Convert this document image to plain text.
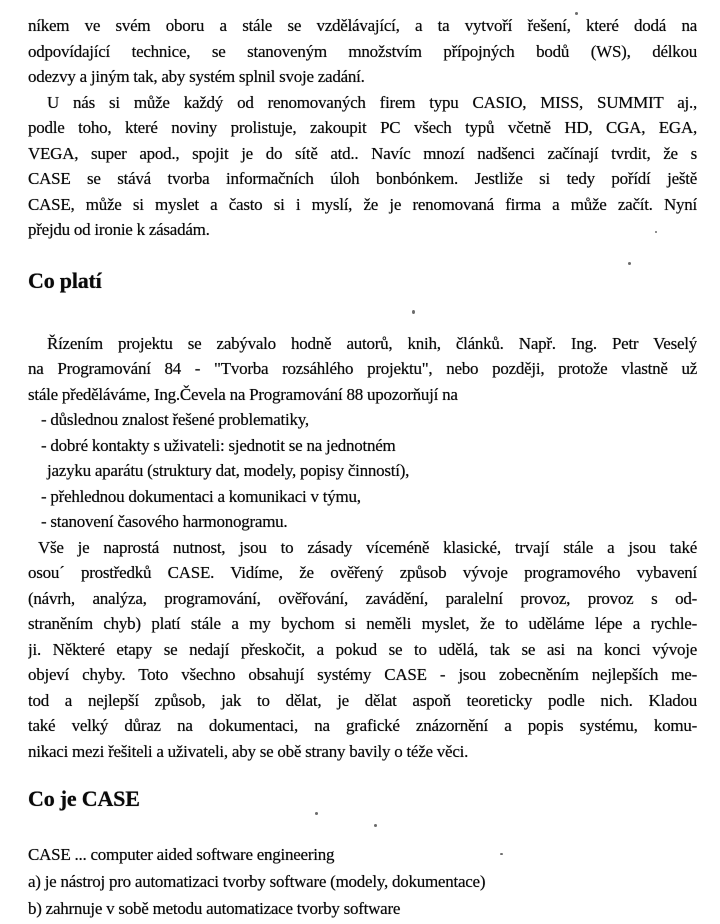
níkem ve svém oboru a stále se vzdělávající, a ta vytvoří řešení, které dodá na
odpovídající technice, se stanoveným množstvím přípojných bodů (WS), délkou
odezvy a jiným tak, aby systém splnil svoje zadání.
U nás si může každý od renomovaných firem typu CASIO, MISS, SUMMIT aj.,
podle toho, které noviny prolistuje, zakoupit PC všech typů včetně HD, CGA, EGA,
VEGA, super apod., spojit je do sítě atd.. Navíc mnozí nadšenci začínají tvrdit, že s
CASE se stává tvorba informačních úloh bonbónkem. Jestliže si tedy pořídí ještě
CASE, může si myslet a často si i myslí, že je renomovaná firma a může začít. Nyní
přejdu od ironie k zásadám.
Co platí
Řízením projektu se zabývalo hodně autorů, knih, článků. Např. Ing. Petr Veselý
na Programování 84 - "Tvorba rozsáhlého projektu", nebo později, protože vlastně už
stále předěláváme, Ing.Čevela na Programování 88 upozorňují na
- důslednou znalost řešené problematiky,
- dobré kontakty s uživateli: sjednotit se na jednotném
jazyku aparátu (struktury dat, modely, popisy činností),
- přehlednou dokumentaci a komunikaci v týmu,
- stanovení časového harmonogramu.
Vše je naprostá nutnost, jsou to zásady víceméně klasické, trvají stále a jsou také
osou´ prostředků CASE. Vidíme, že ověřený způsob vývoje programového vybavení
(návrh, analýza, programování, ověřování, zavádění, paralelní provoz, provoz s od-
straněním chyb) platí stále a my bychom si neměli myslet, že to uděláme lépe a rychle-
ji. Některé etapy se nedají přeskočit, a pokud se to udělá, tak se asi na konci vývoje
objeví chyby. Toto všechno obsahují systémy CASE - jsou zobecněním nejlepších me-
tod a nejlepší způsob, jak to dělat, je dělat aspoň teoreticky podle nich. Kladou
také velký důraz na dokumentaci, na grafické znázornění a popis systému, komu-
nikaci mezi řešiteli a uživateli, aby se obě strany bavily o téže věci.
Co je CASE
CASE ... computer aided software engineering
a) je nástroj pro automatizaci tvorby software (modely, dokumentace)
b) zahrnuje v sobě metodu automatizace tvorby software
